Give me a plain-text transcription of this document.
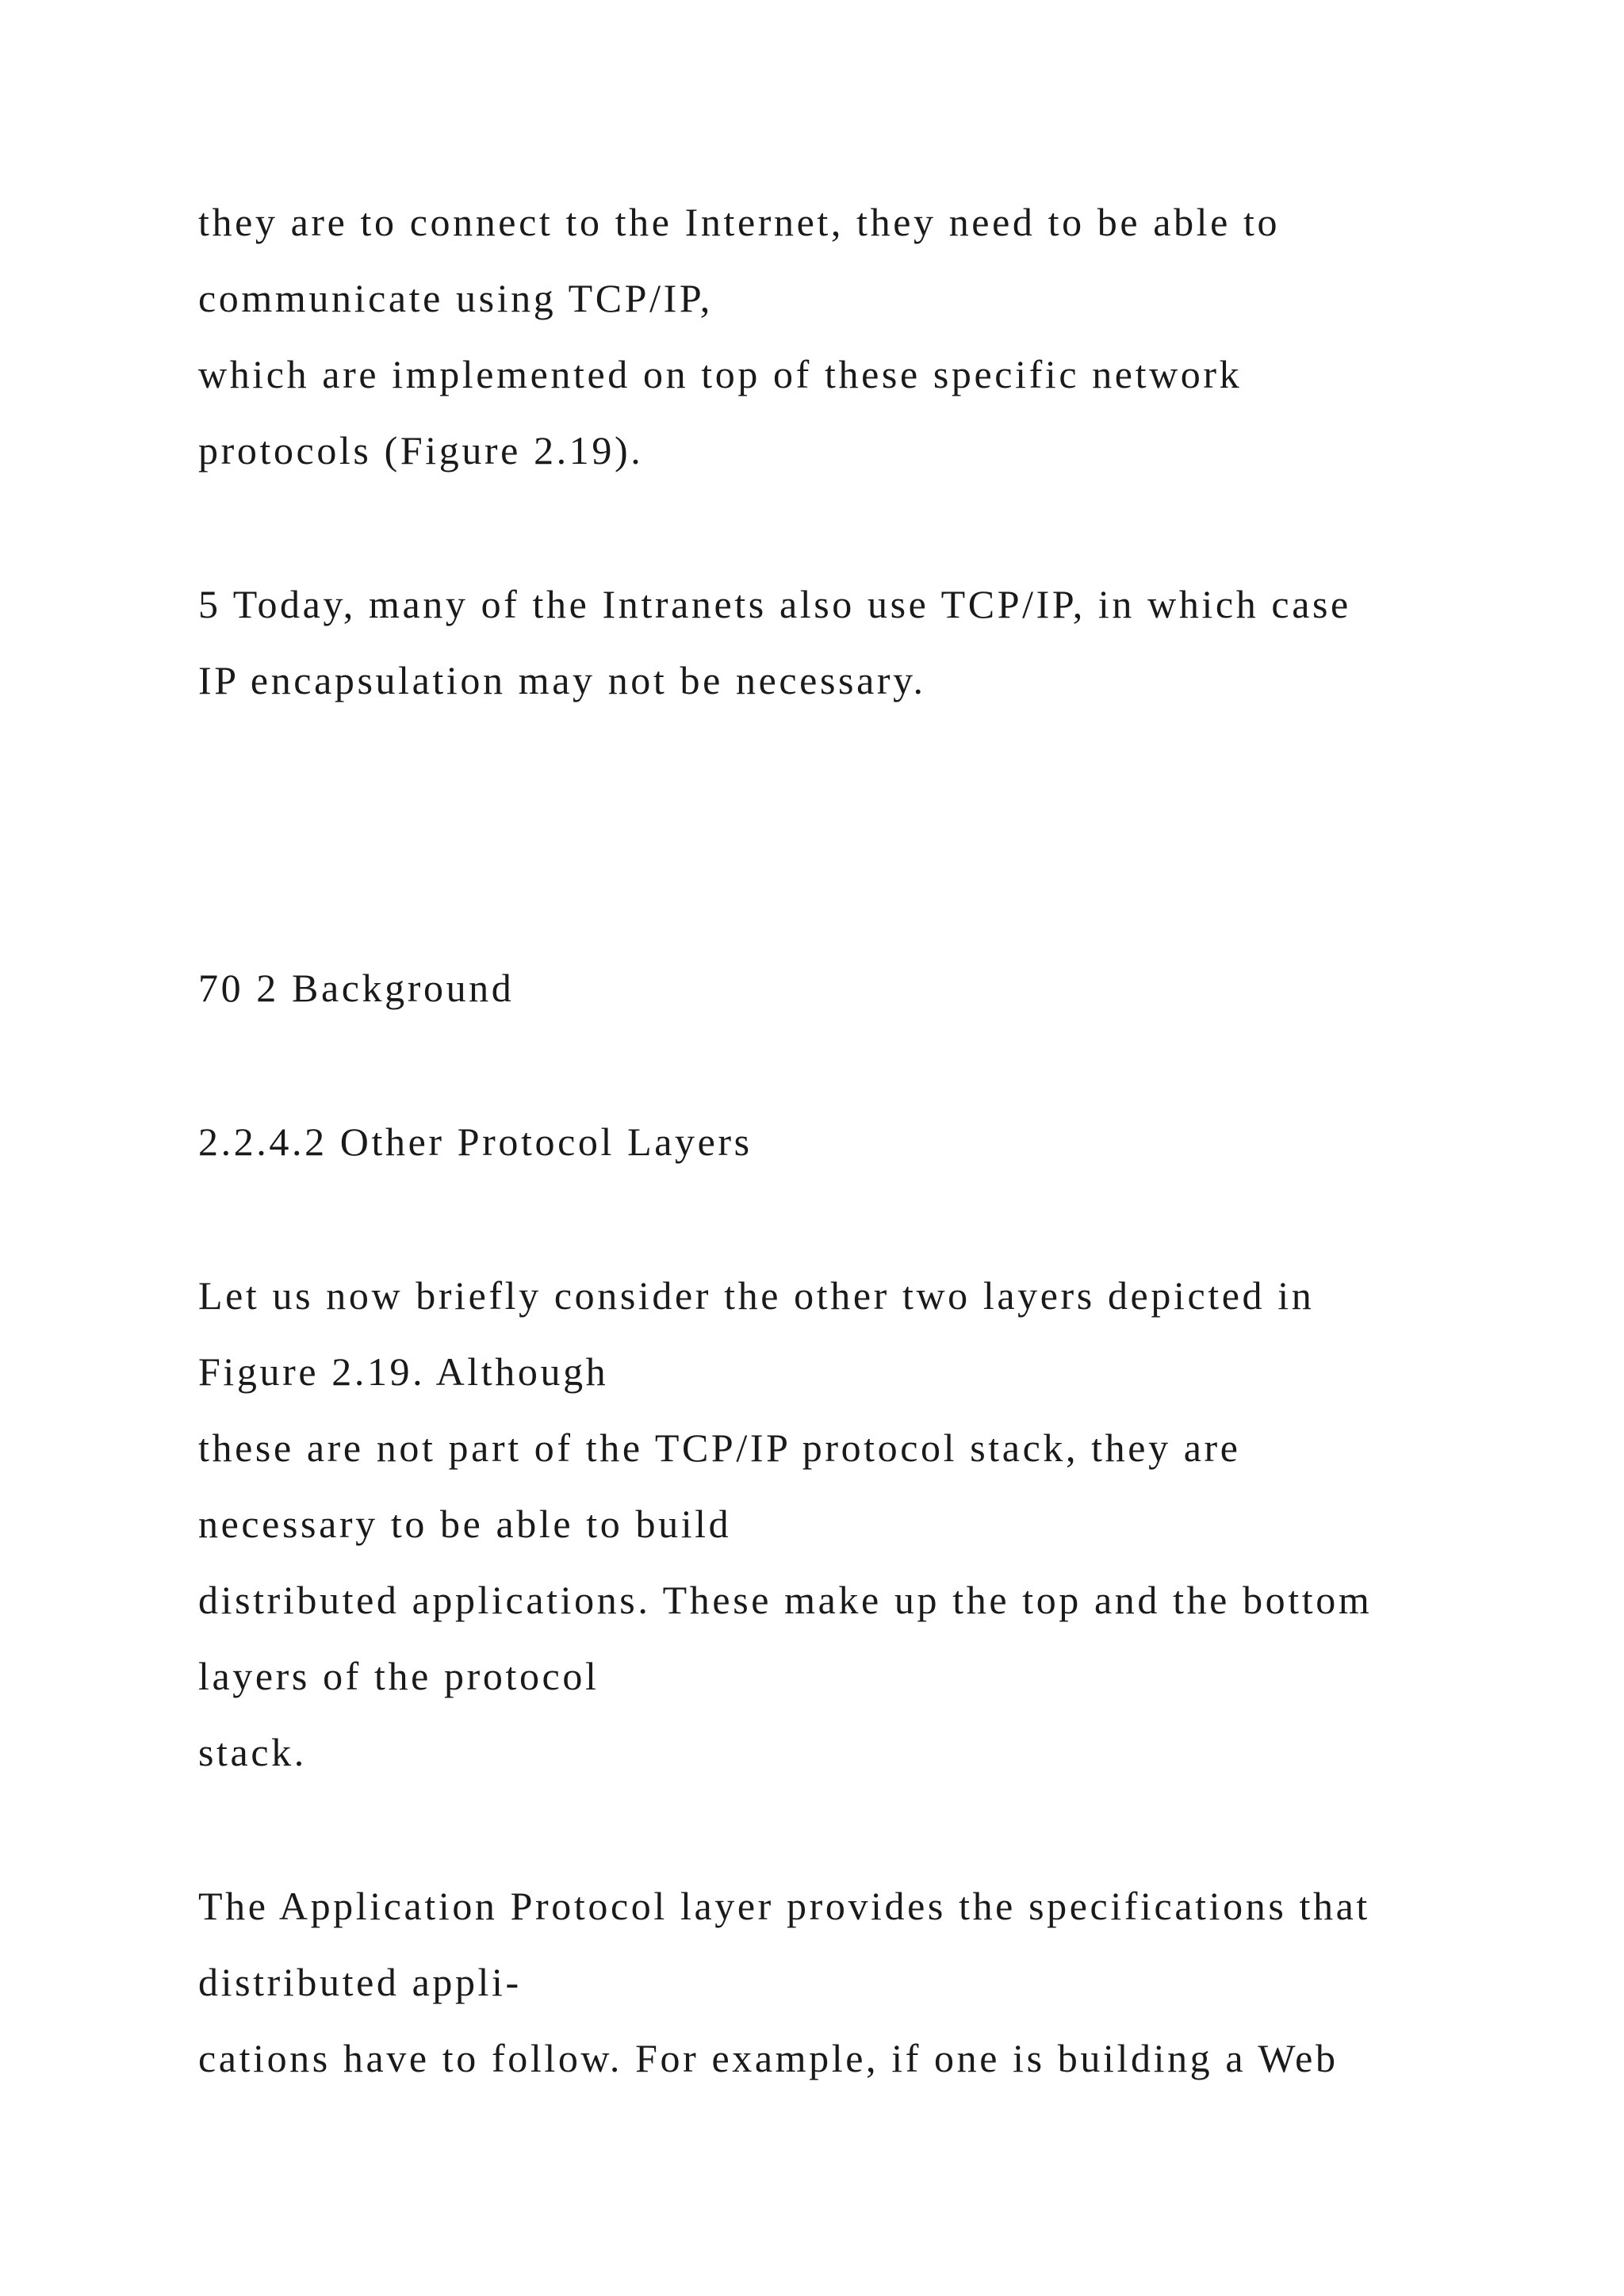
they are to connect to the Internet, they need to be able to

communicate using TCP/IP,

which are implemented on top of these specific network

protocols (Figure 2.19).

5 Today, many of the Intranets also use TCP/IP, in which case

IP encapsulation may not be necessary.

70 2 Background

2.2.4.2 Other Protocol Layers

Let us now briefly consider the other two layers depicted in

Figure 2.19. Although

these are not part of the TCP/IP protocol stack, they are

necessary to be able to build

distributed applications. These make up the top and the bottom

layers of the protocol

stack.

The Application Protocol layer provides the specifications that

distributed appli-

cations have to follow. For example, if one is building a Web
